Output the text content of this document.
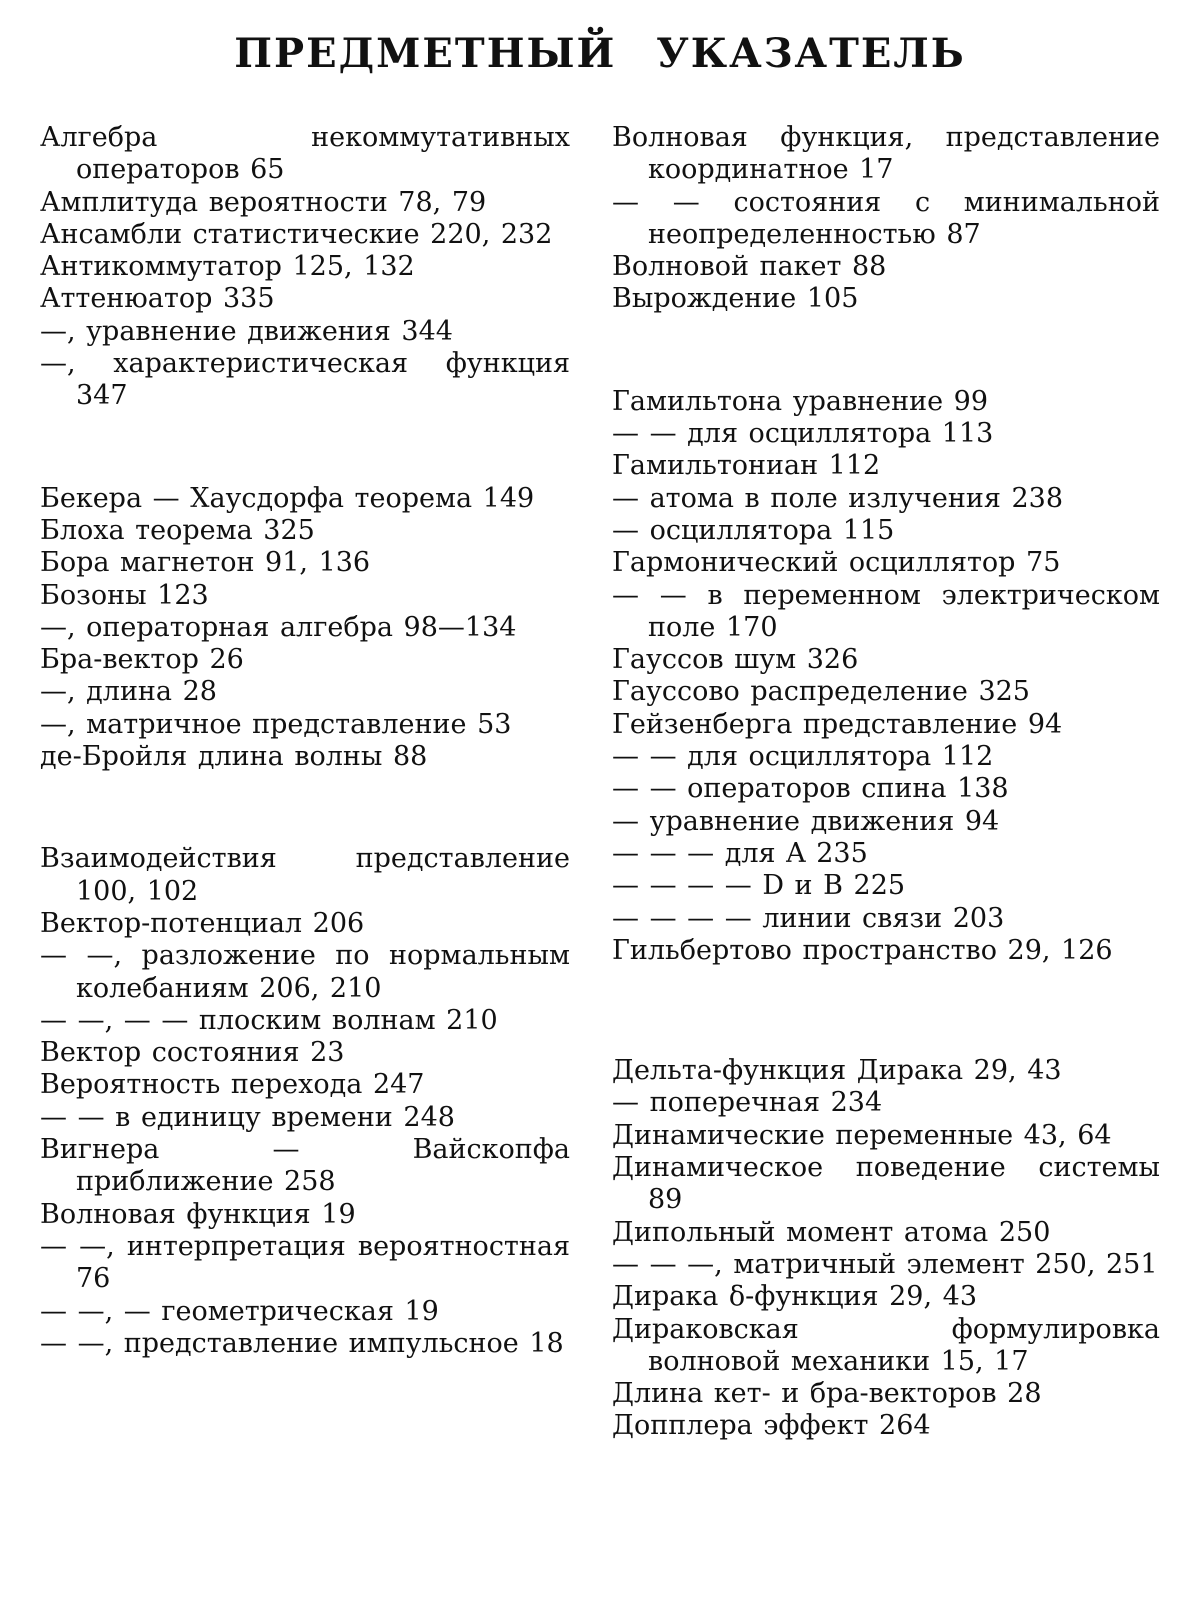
ПРЕДМЕТНЫЙ УКАЗАТЕЛЬ
Алгебра некоммутативных операторов 65
Амплитуда вероятности 78, 79
Ансамбли статистические 220, 232
Антикоммутатор 125, 132
Аттенюатор 335
—, уравнение движения 344
—, характеристическая функция 347
Бекера — Хаусдорфа теорема 149
Блоха теорема 325
Бора магнетон 91, 136
Бозоны 123
—, операторная алгебра 98—134
Бра-вектор 26
—, длина 28
—, матричное представление 53
де-Бройля длина волны 88
Взаимодействия представление 100, 102
Вектор-потенциал 206
— —, разложение по нормальным колебаниям 206, 210
— —, — — плоским волнам 210
Вектор состояния 23
Вероятность перехода 247
— — в единицу времени 248
Вигнера — Вайскопфа приближение 258
Волновая функция 19
— —, интерпретация вероятностная 76
— —, — геометрическая 19
— —, представление импульсное 18
Волновая функция, представление координатное 17
— — состояния с минимальной неопределенностью 87
Волновой пакет 88
Вырождение 105
Гамильтона уравнение 99
— — для осциллятора 113
Гамильтониан 112
— атома в поле излучения 238
— осциллятора 115
Гармонический осциллятор 75
— — в переменном электрическом поле 170
Гауссов шум 326
Гауссово распределение 325
Гейзенберга представление 94
— — для осциллятора 112
— — операторов спина 138
— уравнение движения 94
— — — для A 235
— — — — D и B 225
— — — — линии связи 203
Гильбертово пространство 29, 126
Дельта-функция Дирака 29, 43
— поперечная 234
Динамические переменные 43, 64
Динамическое поведение системы 89
Дипольный момент атома 250
— — —, матричный элемент 250, 251
Дирака δ-функция 29, 43
Дираковская формулировка волновой механики 15, 17
Длина кет- и бра-векторов 28
Допплера эффект 264
